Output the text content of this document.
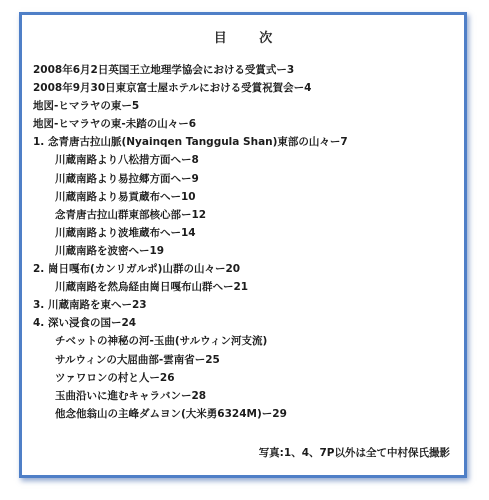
目 次
2008年6月2日英国王立地理学協会における受賞式ー3
2008年9月30日東京富士屋ホテルにおける受賞祝賀会ー4
地図-ヒマラヤの東ー5
地図-ヒマラヤの東-未踏の山々ー6
1. 念青唐古拉山脈(Nyainqen Tanggula Shan)東部の山々ー7
川蔵南路より八松措方面へー8
川蔵南路より易拉郷方面へー9
川蔵南路より易貢蔵布へー10
念青唐古拉山群東部核心部ー12
川蔵南路より波堆蔵布へー14
川蔵南路を波密へー19
2. 崗日嘎布(カンリガルポ)山群の山々ー20
川蔵南路を然烏経由崗日嘎布山群へー21
3. 川蔵南路を東へー23
4. 深い浸食の国ー24
チベットの神秘の河-玉曲(サルウィン河支流)
サルウィンの大屈曲部-雲南省ー25
ツァワロンの村と人ー26
玉曲沿いに進むキャラバンー28
他念他翁山の主峰ダムヨン(大米勇6324M)ー29
写真:1、4、7P以外は全て中村保氏撮影
